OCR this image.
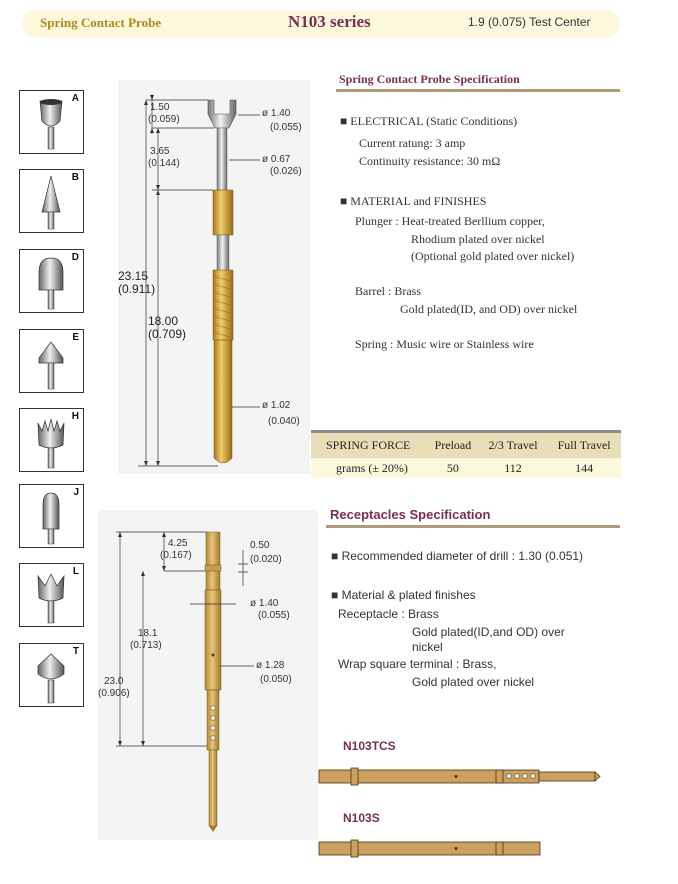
Spring Contact Probe	N103 series	1.9 (0.075) Test Center
A
B
D
E
H
J
L
T
1.50
(0.059)
3.65
(0.144)
23.15
(0.911)
18.00
(0.709)
ø 1.40
(0.055)
ø 0.67
(0.026)
ø 1.02
(0.040)
Spring Contact Probe Specification
■ ELECTRICAL (Static Conditions)
Current ratung: 3 amp
Continuity resistance: 30 mΩ
■ MATERIAL and FINISHES
Plunger : Heat-treated Berllium copper,
Rhodium plated over nickel
(Optional gold plated over nickel)
Barrel : Brass
Gold plated(ID, and OD) over nickel
Spring : Music wire or Stainless wire
SPRING FORCE	Preload	2/3 Travel	Full Travel
grams (± 20%)	50	112	144
4.25
(0.167)
0.50
(0.020)
ø 1.40
(0.055)
18.1
(0.713)
ø 1.28
(0.050)
23.0
(0.906)
Receptacles Specification
■ Recommended diameter of drill : 1.30 (0.051)
■ Material & plated finishes
Receptacle : Brass
Gold plated(ID,and OD) over
nickel
Wrap square terminal : Brass,
Gold plated over nickel
N103TCS
N103S
